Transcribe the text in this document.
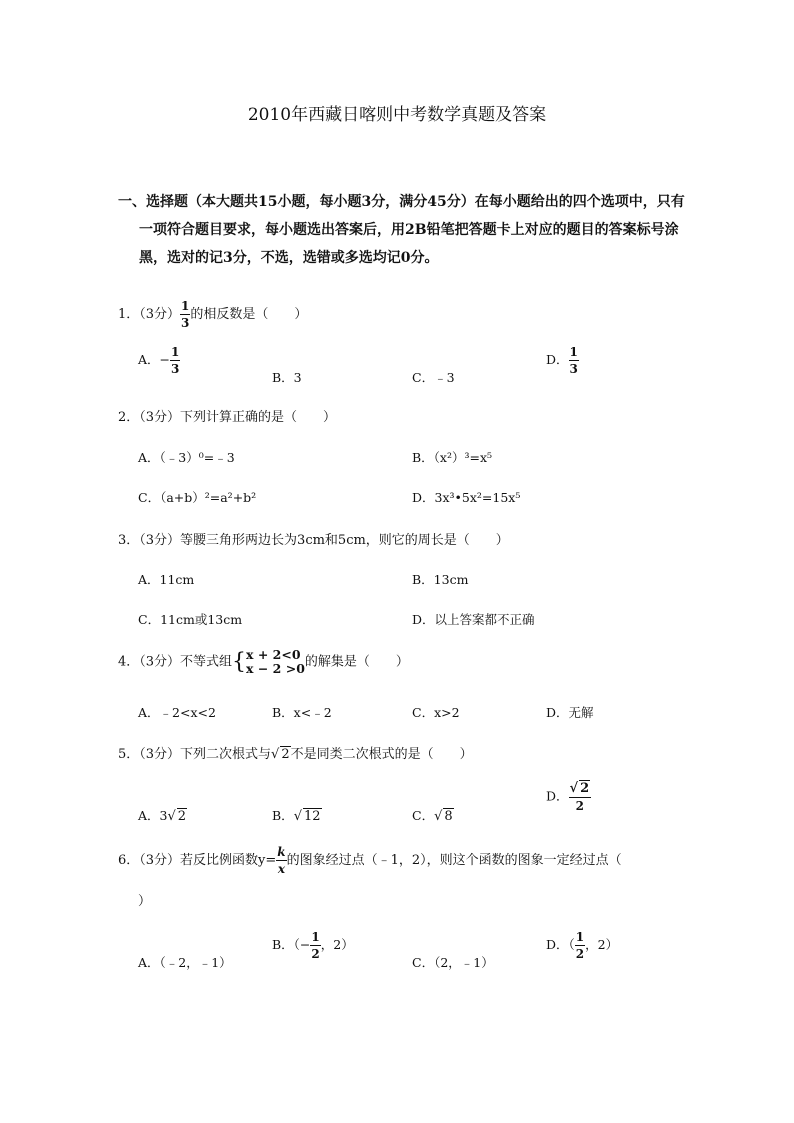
2010年西藏日喀则中考数学真题及答案
一、选择题（本大题共15小题，每小题3分，满分45分）在每小题给出的四个选项中，只有
一项符合题目要求，每小题选出答案后，用2B铅笔把答题卡上对应的题目的答案标号涂
黑，选对的记3分，不选，选错或多选均记0分。
1．（3分） $\frac{1}{3}$ 的相反数是（　　）
A．− $\frac{1}{3}$
B．3	C．﹣3
D． $\frac{1}{3}$
2．（3分）下列计算正确的是（　　）
A．（﹣3）⁰=﹣3	B．（x²）³=x⁵
C．（a+b）²=a²+b²	D．3x³•5x²=15x⁵
3．（3分）等腰三角形两边长为3cm和5cm，则它的周长是（　　）
A．11cm	B．13cm
C．11cm或13cm	D．以上答案都不正确
4．（3分）不等式组{ x + 2<0
x − 2 >0 的解集是（　　）
A．﹣2<x<2	B．x<﹣2	C．x>2	D．无解
5．（3分）下列二次根式与√ 2不是同类二次根式的是（　　）
A．3√ 2	B．√ 12	C．√ 8
D． $\frac{√ 2}{2}$
6．（3分）若反比例函数$y= \frac{k}{x}$ 的图象经过点（﹣1，2），则这个函数的图象一定经过点（
）
A．（﹣2，﹣1）
B．（− $\frac{1}{2}$ ，2）
C．（2，﹣1）
D．（ $\frac{1}{2}$ ，2）
